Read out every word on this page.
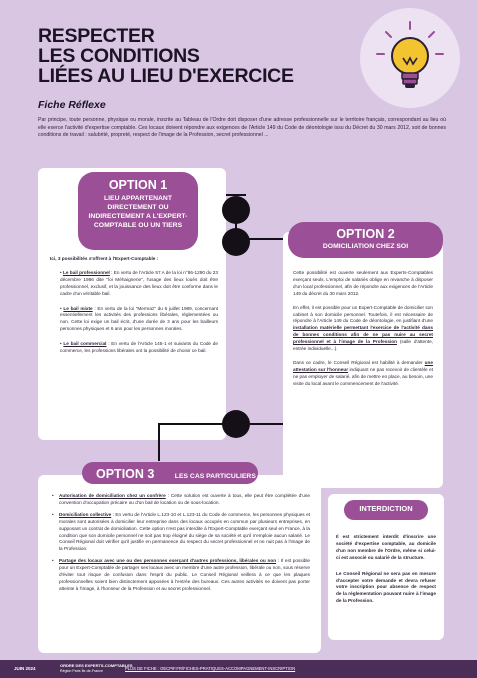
RESPECTER
LES CONDITIONS
LIÉES AU LIEU D'EXERCICE
Fiche Réflexe
Par principe, toute personne, physique ou morale, inscrite au Tableau de l'Ordre doit disposer d'une adresse professionnelle sur le territoire français, correspondant au lieu où elle exerce l'activité d'expertise comptable. Ces locaux doivent répondre aux exigences de l'Article 149 du Code de déontologie issu du Décret du 30 mars 2012, soit de bonnes conditions de travail : salubrité, propreté, respect de l'image de la Profession, secret professionnel ...

Ici, 3 possibilités s'offrent à l'Expert-Comptable :

• Le bail professionnel : En vertu de l'Article 57 A de la loi n°86-1290 du 23 décembre 1986 dite "loi Méhaignerie", l'usage des lieux loués doit être professionnel, exclusif, et la jouissance des lieux doit être conforme dans le cadre d'un véritable bail.

• Le bail mixte : En vertu de la loi "Mermaz" du 6 juillet 1989, concernant essentiellement les activités des professions libérales, réglementées ou non. Cette loi exige un bail écrit, d'une durée de 3 ans pour les bailleurs personnes physiques et 6 ans pour les personnes morales.

• Le bail commercial : En vertu de l'Article 145-1 et suivants du Code de commerce, les professions libérales ont la possibilité de choisir ce bail.

OPTION 1
LIEU APPARTENANT DIRECTEMENT OU INDIRECTEMENT A L'EXPERT-COMPTABLE OU UN TIERS

Cette possibilité est ouverte seulement aux Experts-Comptables exerçant seuls. L'emploi de salariés oblige en revanche à disposer d'un local professionnel, afin de répondre aux exigences de l'Article 149 du décret du 30 mars 2012.

En effet, il est possible pour un Expert-Comptable de domicilier son cabinet à son domicile personnel. Toutefois, il est nécessaire de répondre à l'Article 149 du Code de déontologie, en justifiant d'une installation matérielle permettant l'exercice de l'activité dans de bonnes conditions afin de ne pas nuire au secret professionnel et à l'image de la Profession (salle d'attente, entrée individuelle...).

Dans ce cadre, le Conseil Régional est habilité à demander une attestation sur l'honneur indiquant ne pas recevoir de clientèle et ne pas employer de salarié, afin de mettre en place, au besoin, une visite du local avant le commencement de l'activité.

OPTION 2
DOMICILIATION CHEZ SOI
• Autorisation de domiciliation chez un confrère : Cette solution est ouverte à tous, elle peut être complétée d'une convention d'occupation précaire ou d'un bail de location ou de sous-location.
• Domiciliation collective : En vertu de l'Article L.123-10 et L.123-11 du Code de commerce, les personnes physiques et morales sont autorisées à domicilier leur entreprise dans des locaux occupés en commun par plusieurs entreprises, en supposant un contrat de domiciliation. Cette option n'est pas interdite à l'Expert-Comptable exerçant seul en France, à la condition que son domicile personnel ne soit pas trop éloigné du siège de sa société et qu'il n'emploie aucun salarié. Le Conseil Régional doit vérifier qu'il justifie en permanence du respect du secret professionnel et ne nuit pas à l'image de la Profession.
• Partage des locaux avec une ou des personnes exerçant d'autres professions, libérales ou non : Il est possible pour un Expert-Comptable de partager ses locaux avec un membre d'une autre profession, libérale ou non, sous réserve d'éviter tout risque de confusion dans l'esprit du public. Le Conseil Régional veillera à ce que les plaques professionnelles soient bien distinctement apposées à l'entrée des bureaux. Ces autres activités ne doivent pas porter atteinte à l'image, à l'honneur de la Profession et au secret professionnel.
OPTION 3	LES CAS PARTICULIERS

Il est strictement interdit d'inscrire une société d'expertise comptable, au domicile d'un non membre de l'Ordre, même si celui-ci est associé ou salarié de la structure.

Le Conseil Régional ne sera pas en mesure d'accepter votre demande et devra refuser votre inscription pour absence de respect de la réglementation pouvant nuire à l'image de la Profession.

INTERDICTION
JUIN 2024
ORDRE DES EXPERTS-COMPTABLES
Région Paris Île-de-France	PLUS DE FICHE : OECPIF.FR/FICHES-PRATIQUES-ACCOMPAGNEMENT-INSCRIPTION
